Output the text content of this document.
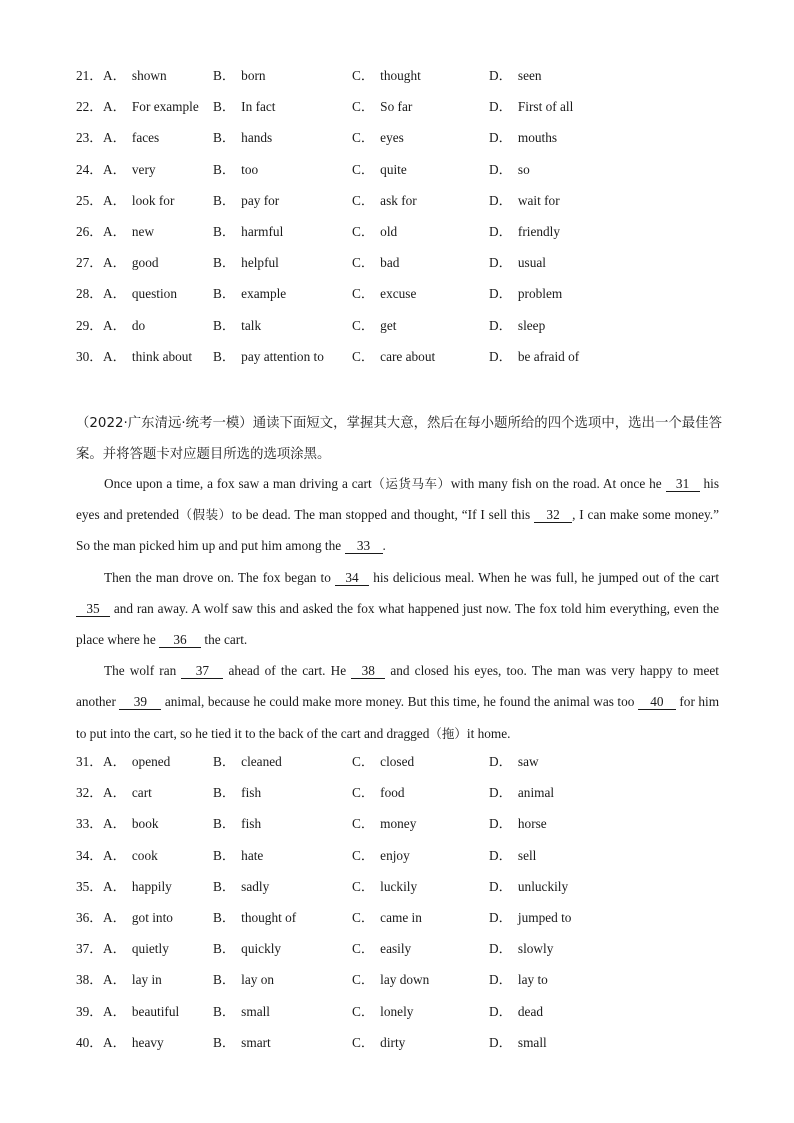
21． A． shown	B． born	C． thought	D． seen
22． A． For example B． In fact	C． So far	D． First of all
23． A． faces	B． hands	C． eyes	D． mouths
24． A． very	B． too	C． quite	D． so
25． A． look for	B． pay for	C． ask for	D． wait for
26． A． new	B． harmful	C． old	D． friendly
27． A． good	B． helpful	C． bad	D． usual
28． A． question	B． example	C． excuse	D． problem
29． A． do	B． talk	C． get	D． sleep
30． A． think about B． pay attention to C． care about	D． be afraid of
（2022·广东清远·统考一模）通读下面短文，掌握其大意，然后在每小题所给的四个选项中，选出一个最佳答案。并将答题卡对应题目所选的选项涂黑。

Once upon a time, a fox saw a man driving a cart（运货马车）with many fish on the road. At once he 31 his eyes and pretended（假装）to be dead. The man stopped and thought, “If I sell this 32 , I can make some money.” So the man picked him up and put him among the 33 .

Then the man drove on. The fox began to 34 his delicious meal. When he was full, he jumped out of the cart 35 and ran away. A wolf saw this and asked the fox what happened just now. The fox told him everything, even the place where he 36 the cart.

The wolf ran 37 ahead of the cart. He 38 and closed his eyes, too. The man was very happy to meet another 39 animal, because he could make more money. But this time, he found the animal was too 40 for him to put into the cart, so he tied it to the back of the cart and dragged（拖）it home.

31． A． opened	B． cleaned	C． closed	D． saw
32． A． cart	B． fish	C． food	D． animal
33． A． book	B． fish	C． money	D． horse
34． A． cook	B． hate	C． enjoy	D． sell
35． A． happily	B． sadly	C． luckily	D． unluckily
36． A． got into	B． thought of	C． came in	D． jumped to
37． A． quietly	B． quickly	C． easily	D． slowly
38． A． lay in	B． lay on	C． lay down	D． lay to
39． A． beautiful	B． small	C． lonely	D． dead
40． A． heavy	B． smart	C． dirty	D． small
